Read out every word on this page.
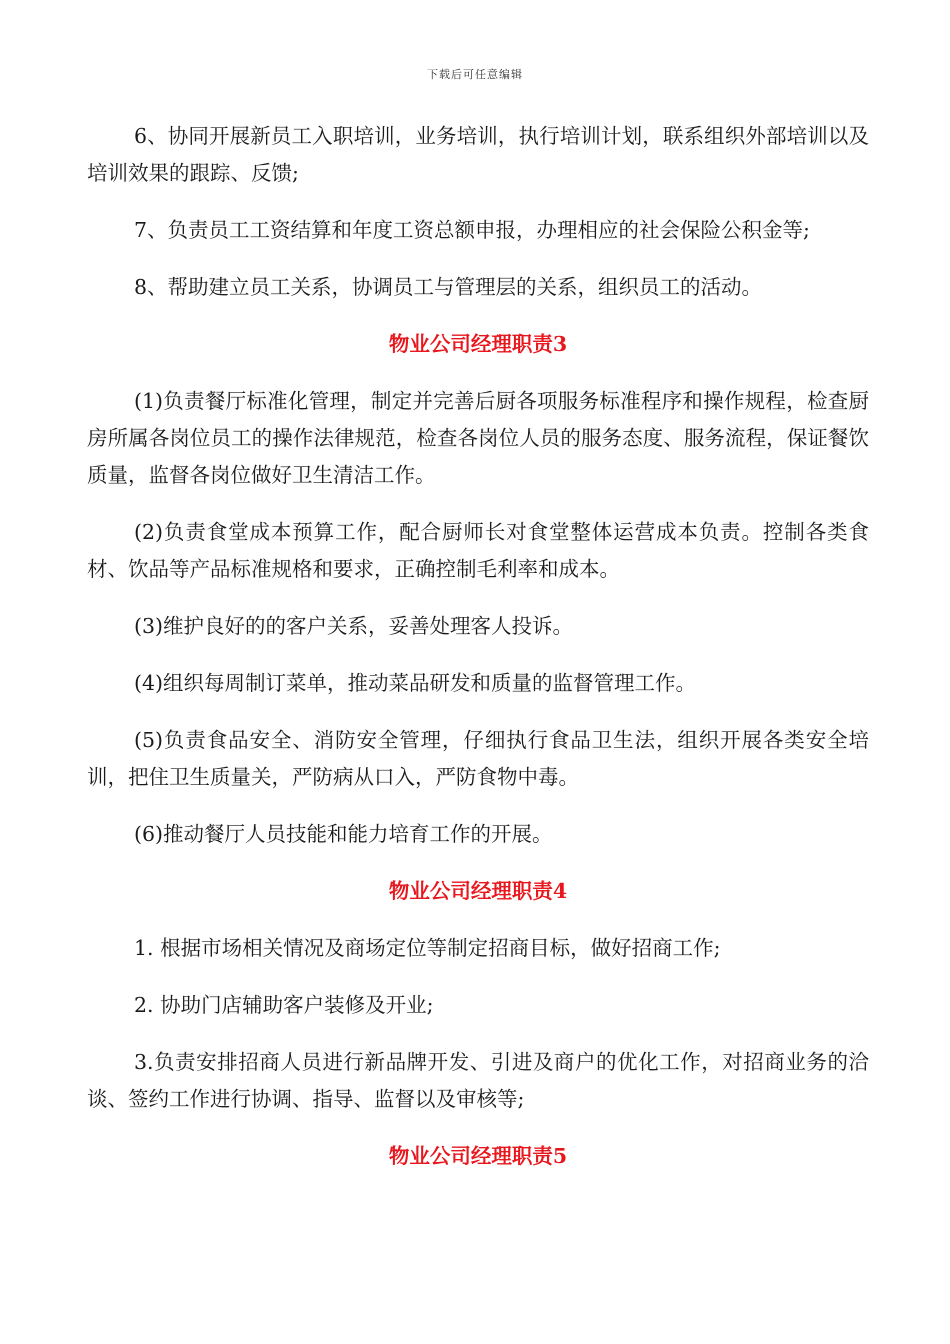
下载后可任意编辑

6、协同开展新员工入职培训，业务培训，执行培训计划，联系组织外部培训以及培训效果的跟踪、反馈;

7、负责员工工资结算和年度工资总额申报，办理相应的社会保险公积金等;

8、帮助建立员工关系，协调员工与管理层的关系，组织员工的活动。

物业公司经理职责3

(1)负责餐厅标准化管理，制定并完善后厨各项服务标准程序和操作规程，检查厨房所属各岗位员工的操作法律规范，检查各岗位人员的服务态度、服务流程，保证餐饮质量，监督各岗位做好卫生清洁工作。

(2)负责食堂成本预算工作，配合厨师长对食堂整体运营成本负责。控制各类食材、饮品等产品标准规格和要求，正确控制毛利率和成本。

(3)维护良好的的客户关系，妥善处理客人投诉。

(4)组织每周制订菜单，推动菜品研发和质量的监督管理工作。

(5)负责食品安全、消防安全管理，仔细执行食品卫生法，组织开展各类安全培训，把住卫生质量关，严防病从口入，严防食物中毒。

(6)推动餐厅人员技能和能力培育工作的开展。

物业公司经理职责4

1. 根据市场相关情况及商场定位等制定招商目标，做好招商工作;

2. 协助门店辅助客户装修及开业;

3.负责安排招商人员进行新品牌开发、引进及商户的优化工作，对招商业务的洽谈、签约工作进行协调、指导、监督以及审核等;

物业公司经理职责5
